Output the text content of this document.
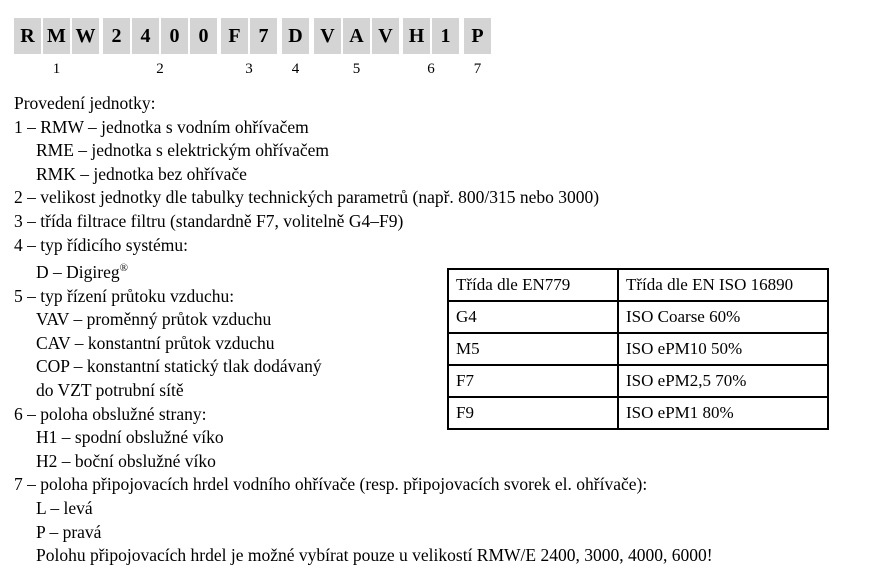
R M W
1
2 4 0 0
2
F 7
3
D
4
V A V
5
H 1
6
P
7
Provedení jednotky:
1 – RMW – jednotka s vodním ohřívačem
RME – jednotka s elektrickým ohřívačem
RMK – jednotka bez ohřívače
2 – velikost jednotky dle tabulky technických parametrů (např. 800/315 nebo 3000)
3 – třída filtrace filtru (standardně F7, volitelně G4–F9)
4 – typ řídicího systému:
D – Digireg®
5 – typ řízení průtoku vzduchu:
VAV – proměnný průtok vzduchu
CAV – konstantní průtok vzduchu
COP – konstantní statický tlak dodávaný
do VZT potrubní sítě
6 – poloha obslužné strany:
H1 – spodní obslužné víko
H2 – boční obslužné víko
7 – poloha připojovacích hrdel vodního ohřívače (resp. připojovacích svorek el. ohřívače):
L – levá
P – pravá
Polohu připojovacích hrdel je možné vybírat pouze u velikostí RMW/E 2400, 3000, 4000, 6000!
Třída dle EN779	Třída dle EN ISO 16890
G4	ISO Coarse 60%
M5	ISO ePM10 50%
F7	ISO ePM2,5 70%
F9	ISO ePM1 80%
